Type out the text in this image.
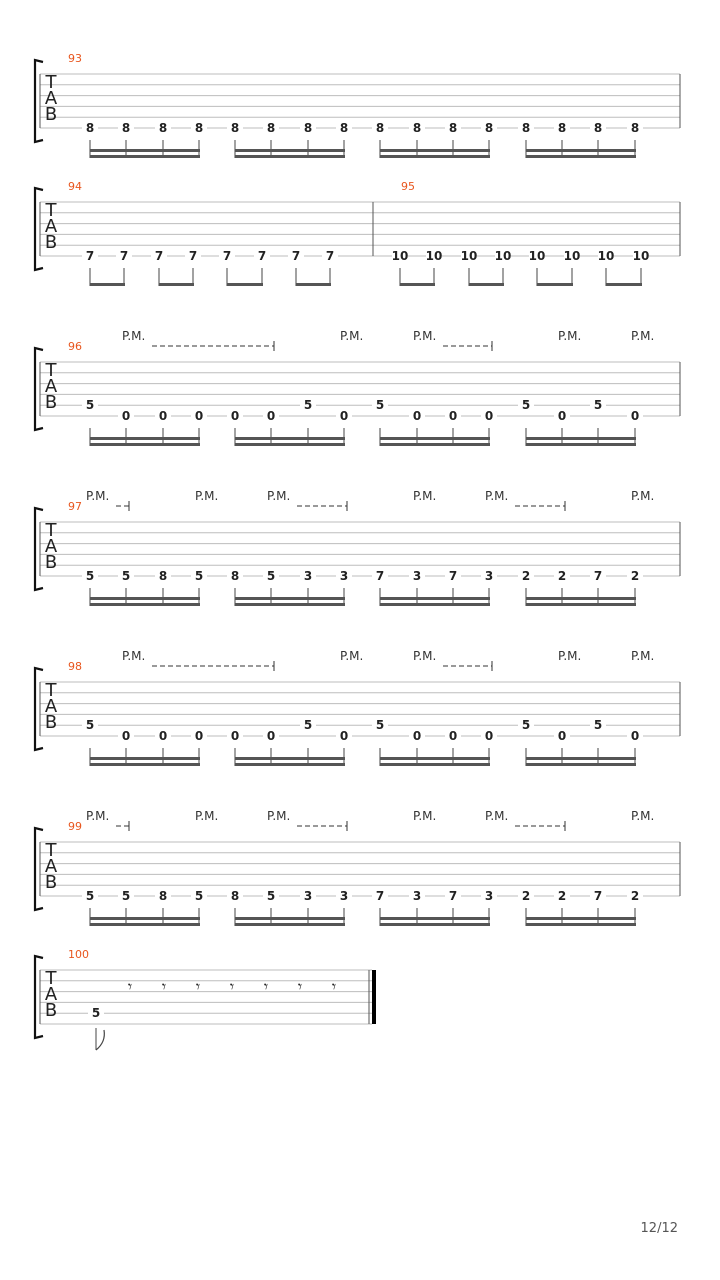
T
A
B
93
8 8 8 8 8 8 8 8 8 8 8 8 8 8 8 8
T
A
B
94
7 7 7 7 7 7 7 7
95
10 10 10 10 10 10 10 10
T
A
B
96
5
0 0 0 0 0
5
0
5
0 0 0
5
0
5
0
P.M.	P.M.	P.M.	P.M.	P.M.
T
A
B
97
5 5 8 5 8 5 3 3 7 3 7 3 2 2 7 2
P.M.	P.M.	P.M.	P.M.	P.M.	P.M.
T
A
B
98
5
0 0 0 0 0
5
0
5
0 0 0
5
0
5
0
P.M.	P.M.	P.M.	P.M.	P.M.
T
A
B
99
5 5 8 5 8 5 3 3 7 3 7 3 2 2 7 2
P.M.	P.M.	P.M.	P.M.	P.M.	P.M.
T
A
B
100
5
𝄾 𝄾 𝄾 𝄾 𝄾 𝄾 𝄾
12/12
